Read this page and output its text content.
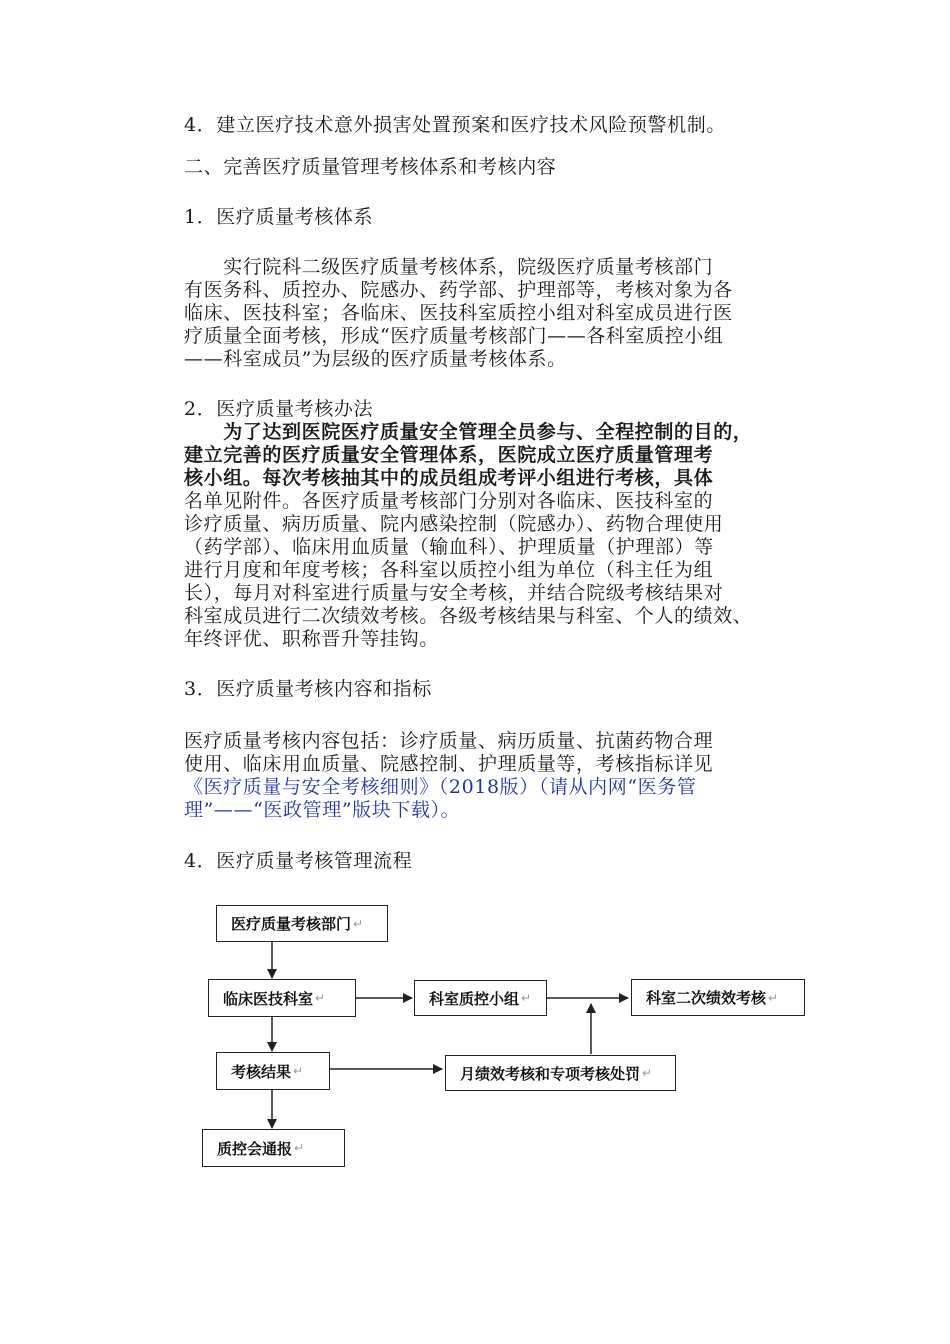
4．建立医疗技术意外损害处置预案和医疗技术风险预警机制。
二、完善医疗质量管理考核体系和考核内容
1．医疗质量考核体系
　　实行院科二级医疗质量考核体系，院级医疗质量考核部门
有医务科、质控办、院感办、药学部、护理部等，考核对象为各
临床、医技科室；各临床、医技科室质控小组对科室成员进行医
疗质量全面考核，形成“医疗质量考核部门——各科室质控小组
——科室成员”为层级的医疗质量考核体系。
2．医疗质量考核办法
　　为了达到医院医疗质量安全管理全员参与、全程控制的目的，
建立完善的医疗质量安全管理体系，医院成立医疗质量管理考
核小组。每次考核抽其中的成员组成考评小组进行考核，具体
名单见附件。各医疗质量考核部门分别对各临床、医技科室的
诊疗质量、病历质量、院内感染控制（院感办）、药物合理使用
（药学部）、临床用血质量（输血科）、护理质量（护理部）等
进行月度和年度考核；各科室以质控小组为单位（科主任为组
长），每月对科室进行质量与安全考核，并结合院级考核结果对
科室成员进行二次绩效考核。各级考核结果与科室、个人的绩效、
年终评优、职称晋升等挂钩。
3．医疗质量考核内容和指标
医疗质量考核内容包括：诊疗质量、病历质量、抗菌药物合理
使用、临床用血质量、院感控制、护理质量等，考核指标详见
《医疗质量与安全考核细则》（2018版）（请从内网“医务管
理”——“医政管理”版块下载）。
4．医疗质量考核管理流程
医疗质量考核部门 ↵
临床医技科室 ↵	科室质控小组 ↵	科室二次绩效考核 ↵
考核结果 ↵	月绩效考核和专项考核处罚 ↵
质控会通报 ↵
